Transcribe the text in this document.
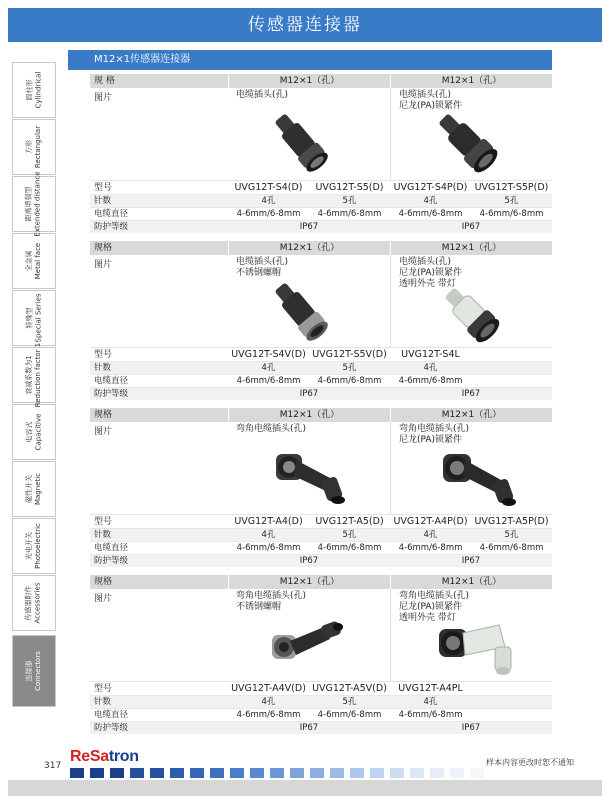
传感器连接器
圆柱形
Cylindrical
方形
Rectangular
距离增强型
Extended distance
全金属
Metal face
特殊型
Special Series
衰减系数为1
Reduction factor 1
电容式
Capacitive
磁性开关
Magnetic
光电开关
Photoelectric
传感器附件
Accessories
连接器
Connectors
M12×1传感器连接器
规 格	M12×1（孔）	M12×1（孔）
图片	电缆插头(孔)	电缆插头(孔)
尼龙(PA)锁紧件
型号	UVG12T-S4(D)	UVG12T-S5(D)	UVG12T-S4P(D) UVG12T-S5P(D)
针数	4孔	5孔	4孔	5孔
电缆直径	4-6mm/6-8mm	4-6mm/6-8mm	4-6mm/6-8mm	4-6mm/6-8mm
防护等级	IP67	IP67
规格	M12×1（孔）	M12×1（孔）
图片	电缆插头(孔)
不锈钢螺帽
电缆插头(孔)
尼龙(PA)锁紧件
透明外壳 带灯
型号	UVG12T-S4V(D) UVG12T-S5V(D)	UVG12T-S4L
针数	4孔	5孔	4孔
电缆直径	4-6mm/6-8mm	4-6mm/6-8mm	4-6mm/6-8mm
防护等级	IP67	IP67
规格	M12×1（孔）	M12×1（孔）
图片	弯角电缆插头(孔)	弯角电缆插头(孔)
尼龙(PA)锁紧件
型号	UVG12T-A4(D)	UVG12T-A5(D)	UVG12T-A4P(D) UVG12T-A5P(D)
针数	4孔	5孔	4孔	5孔
电缆直径	4-6mm/6-8mm	4-6mm/6-8mm	4-6mm/6-8mm	4-6mm/6-8mm
防护等级	IP67	IP67
规格	M12×1（孔）	M12×1（孔）
图片	弯角电缆插头(孔)
不锈钢螺帽
弯角电缆插头(孔)
尼龙(PA)锁紧件
透明外壳 带灯
型号	UVG12T-A4V(D) UVG12T-A5V(D)	UVG12T-A4PL
针数	4孔	5孔	4孔
电缆直径	4-6mm/6-8mm	4-6mm/6-8mm	4-6mm/6-8mm
防护等级	IP67	IP67
317
ReSatron	样本内容更改时恕不通知
